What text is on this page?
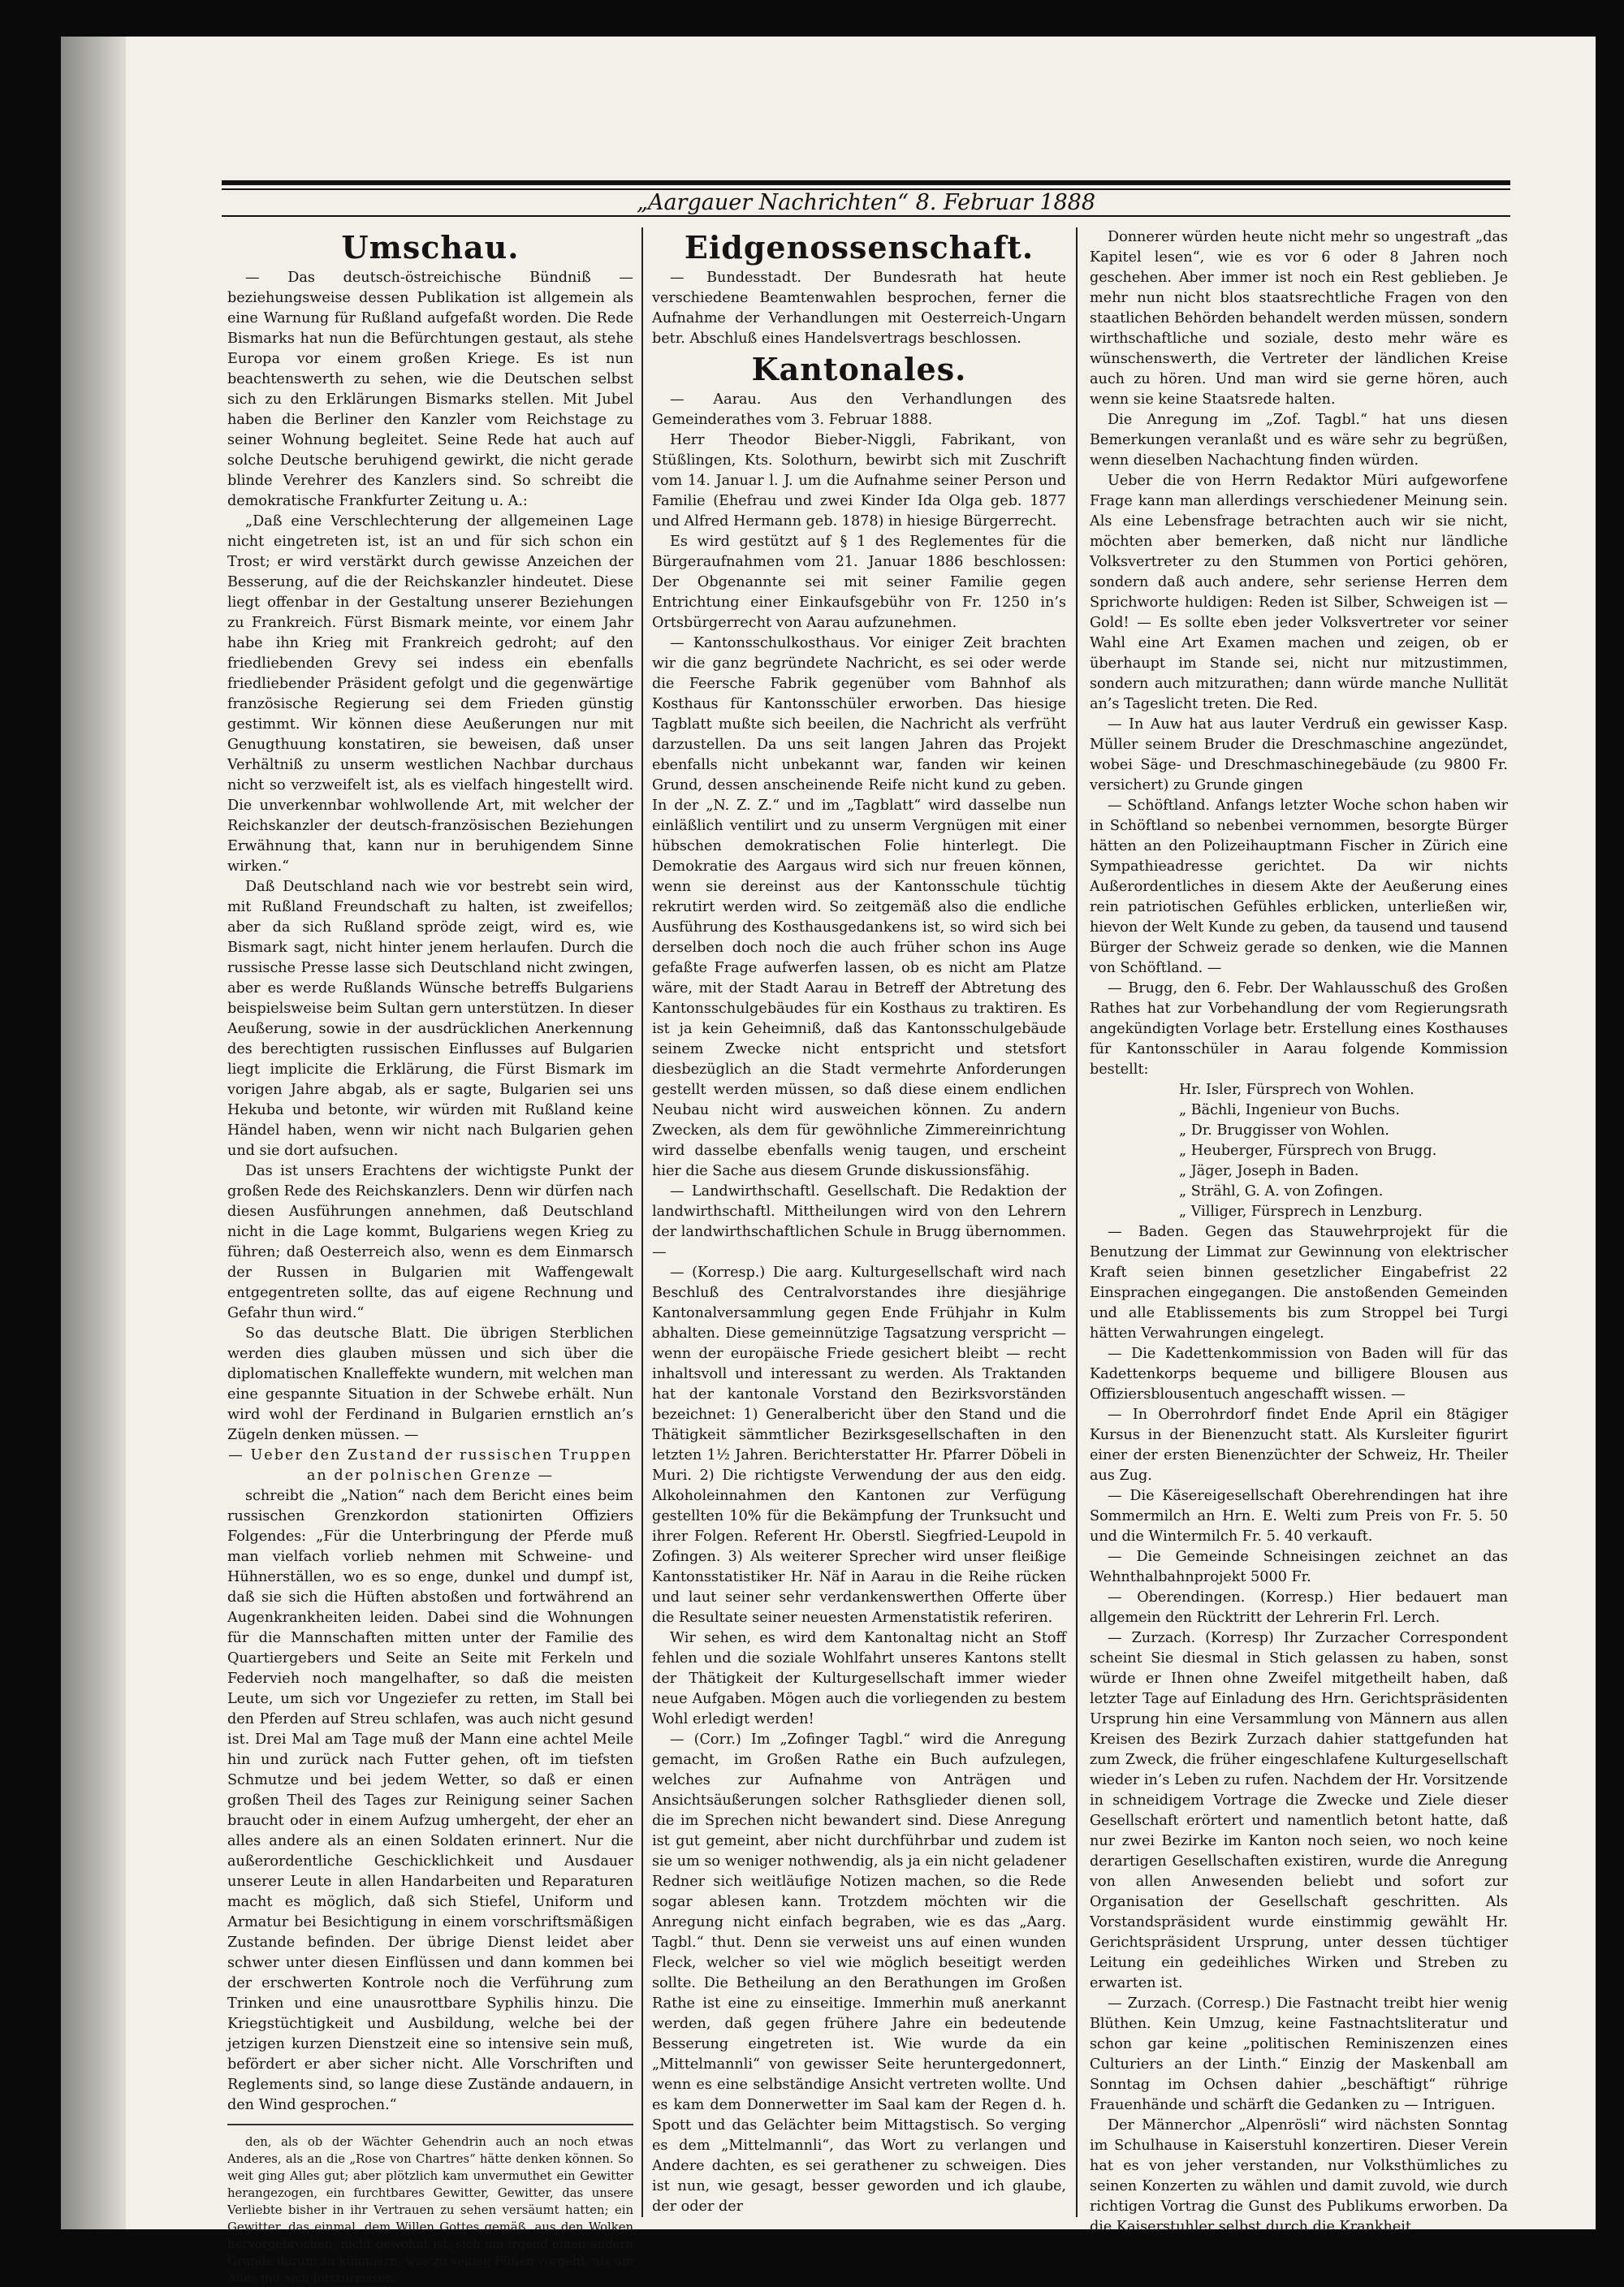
„Aargauer Nachrichten“ 8. Februar 1888

Umschau.

— Das deutsch-östreichische Bündniß — beziehungsweise dessen Publikation ist allgemein als eine Warnung für Rußland aufgefaßt worden. Die Rede Bismarks hat nun die Befürchtungen gestaut, als stehe Europa vor einem großen Kriege. Es ist nun beachtenswerth zu sehen, wie die Deutschen selbst sich zu den Erklärungen Bismarks stellen. Mit Jubel haben die Berliner den Kanzler vom Reichstage zu seiner Wohnung begleitet. Seine Rede hat auch auf solche Deutsche beruhigend gewirkt, die nicht gerade blinde Verehrer des Kanzlers sind. So schreibt die demokratische Frankfurter Zeitung u. A.:

„Daß eine Verschlechterung der allgemeinen Lage nicht eingetreten ist, ist an und für sich schon ein Trost; er wird verstärkt durch gewisse Anzeichen der Besserung, auf die der Reichskanzler hindeutet. Diese liegt offenbar in der Gestaltung unserer Beziehungen zu Frankreich. Fürst Bismark meinte, vor einem Jahr habe ihn Krieg mit Frankreich gedroht; auf den friedliebenden Grevy sei indess ein ebenfalls friedliebender Präsident gefolgt und die gegenwärtige französische Regierung sei dem Frieden günstig gestimmt. Wir können diese Aeußerungen nur mit Genugthuung konstatiren, sie beweisen, daß unser Verhältniß zu unserm westlichen Nachbar durchaus nicht so verzweifelt ist, als es vielfach hingestellt wird. Die unverkennbar wohlwollende Art, mit welcher der Reichskanzler der deutsch-französischen Beziehungen Erwähnung that, kann nur in beruhigendem Sinne wirken.“

Daß Deutschland nach wie vor bestrebt sein wird, mit Rußland Freundschaft zu halten, ist zweifellos; aber da sich Rußland spröde zeigt, wird es, wie Bismark sagt, nicht hinter jenem herlaufen. Durch die russische Presse lasse sich Deutschland nicht zwingen, aber es werde Rußlands Wünsche betreffs Bulgariens beispielsweise beim Sultan gern unterstützen. In dieser Aeußerung, sowie in der ausdrücklichen Anerkennung des berechtigten russischen Einflusses auf Bulgarien liegt implicite die Erklärung, die Fürst Bismark im vorigen Jahre abgab, als er sagte, Bulgarien sei uns Hekuba und betonte, wir würden mit Rußland keine Händel haben, wenn wir nicht nach Bulgarien gehen und sie dort aufsuchen.

Das ist unsers Erachtens der wichtigste Punkt der großen Rede des Reichskanzlers. Denn wir dürfen nach diesen Ausführungen annehmen, daß Deutschland nicht in die Lage kommt, Bulgariens wegen Krieg zu führen; daß Oesterreich also, wenn es dem Einmarsch der Russen in Bulgarien mit Waffengewalt entgegentreten sollte, das auf eigene Rechnung und Gefahr thun wird.“

So das deutsche Blatt. Die übrigen Sterblichen werden dies glauben müssen und sich über die diplomatischen Knalleffekte wundern, mit welchen man eine gespannte Situation in der Schwebe erhält. Nun wird wohl der Ferdinand in Bulgarien ernstlich an’s Zügeln denken müssen. —

— Ueber den Zustand der russischen Truppen an der polnischen Grenze —

schreibt die „Nation“ nach dem Bericht eines beim russischen Grenzkordon stationirten Offiziers Folgendes: „Für die Unterbringung der Pferde muß man vielfach vorlieb nehmen mit Schweine- und Hühnerställen, wo es so enge, dunkel und dumpf ist, daß sie sich die Hüften abstoßen und fortwährend an Augenkrankheiten leiden. Dabei sind die Wohnungen für die Mannschaften mitten unter der Familie des Quartiergebers und Seite an Seite mit Ferkeln und Federvieh noch mangelhafter, so daß die meisten Leute, um sich vor Ungeziefer zu retten, im Stall bei den Pferden auf Streu schlafen, was auch nicht gesund ist. Drei Mal am Tage muß der Mann eine achtel Meile hin und zurück nach Futter gehen, oft im tiefsten Schmutze und bei jedem Wetter, so daß er einen großen Theil des Tages zur Reinigung seiner Sachen braucht oder in einem Aufzug umhergeht, der eher an alles andere als an einen Soldaten erinnert. Nur die außerordentliche Geschicklichkeit und Ausdauer unserer Leute in allen Handarbeiten und Reparaturen macht es möglich, daß sich Stiefel, Uniform und Armatur bei Besichtigung in einem vorschriftsmäßigen Zustande befinden. Der übrige Dienst leidet aber schwer unter diesen Einflüssen und dann kommen bei der erschwerten Kontrole noch die Verführung zum Trinken und eine unausrottbare Syphilis hinzu. Die Kriegstüchtigkeit und Ausbildung, welche bei der jetzigen kurzen Dienstzeit eine so intensive sein muß, befördert er aber sicher nicht. Alle Vorschriften und Reglements sind, so lange diese Zustände andauern, in den Wind gesprochen.“

den, als ob der Wächter Gehendrin auch an noch etwas Anderes, als an die „Rose von Chartres“ hätte denken können. So weit ging Alles gut; aber plötzlich kam unvermuthet ein Gewitter herangezogen, ein furchtbares Gewitter, Gewitter, das unsere Verliebte bisher in ihr Vertrauen zu sehen versäumt hatten; ein Gewitter, das einmal, dem Willen Gottes gemäß, aus den Wolken hervorgebrochen, nicht gewohnt ist, sich um irgend einen andern Grunde darum zu kümmern, was zu seinen Füßen vorgeht, als um Alles mit sich fortzureissen.

Eidgenossenschaft.

— Bundesstadt. Der Bundesrath hat heute verschiedene Beamtenwahlen besprochen, ferner die Aufnahme der Verhandlungen mit Oesterreich-Ungarn betr. Abschluß eines Handelsvertrags beschlossen.

Kantonales.

— Aarau. Aus den Verhandlungen des Gemeinderathes vom 3. Februar 1888.

Herr Theodor Bieber-Niggli, Fabrikant, von Stüßlingen, Kts. Solothurn, bewirbt sich mit Zuschrift vom 14. Januar l. J. um die Aufnahme seiner Person und Familie (Ehefrau und zwei Kinder Ida Olga geb. 1877 und Alfred Hermann geb. 1878) in hiesige Bürgerrecht.

Es wird gestützt auf § 1 des Reglementes für die Bürgeraufnahmen vom 21. Januar 1886 beschlossen: Der Obgenannte sei mit seiner Familie gegen Entrichtung einer Einkaufsgebühr von Fr. 1250 in’s Ortsbürgerrecht von Aarau aufzunehmen.

— Kantonsschulkosthaus. Vor einiger Zeit brachten wir die ganz begründete Nachricht, es sei oder werde die Feersche Fabrik gegenüber vom Bahnhof als Kosthaus für Kantonsschüler erworben. Das hiesige Tagblatt mußte sich beeilen, die Nachricht als verfrüht darzustellen. Da uns seit langen Jahren das Projekt ebenfalls nicht unbekannt war, fanden wir keinen Grund, dessen anscheinende Reife nicht kund zu geben. In der „N. Z. Z.“ und im „Tagblatt“ wird dasselbe nun einläßlich ventilirt und zu unserm Vergnügen mit einer hübschen demokratischen Folie hinterlegt. Die Demokratie des Aargaus wird sich nur freuen können, wenn sie dereinst aus der Kantonsschule tüchtig rekrutirt werden wird. So zeitgemäß also die endliche Ausführung des Kosthausgedankens ist, so wird sich bei derselben doch noch die auch früher schon ins Auge gefaßte Frage aufwerfen lassen, ob es nicht am Platze wäre, mit der Stadt Aarau in Betreff der Abtretung des Kantonsschulgebäudes für ein Kosthaus zu traktiren. Es ist ja kein Geheimniß, daß das Kantonsschulgebäude seinem Zwecke nicht entspricht und stetsfort diesbezüglich an die Stadt vermehrte Anforderungen gestellt werden müssen, so daß diese einem endlichen Neubau nicht wird ausweichen können. Zu andern Zwecken, als dem für gewöhnliche Zimmereinrichtung wird dasselbe ebenfalls wenig taugen, und erscheint hier die Sache aus diesem Grunde diskussionsfähig.

— Landwirthschaftl. Gesellschaft. Die Redaktion der landwirthschaftl. Mittheilungen wird von den Lehrern der landwirthschaftlichen Schule in Brugg übernommen. —

— (Korresp.) Die aarg. Kulturgesellschaft wird nach Beschluß des Centralvorstandes ihre diesjährige Kantonalversammlung gegen Ende Frühjahr in Kulm abhalten. Diese gemeinnützige Tagsatzung verspricht — wenn der europäische Friede gesichert bleibt — recht inhaltsvoll und interessant zu werden. Als Traktanden hat der kantonale Vorstand den Bezirksvorständen bezeichnet: 1) Generalbericht über den Stand und die Thätigkeit sämmtlicher Bezirksgesellschaften in den letzten 1½ Jahren. Berichterstatter Hr. Pfarrer Döbeli in Muri. 2) Die richtigste Verwendung der aus den eidg. Alkoholeinnahmen den Kantonen zur Verfügung gestellten 10% für die Bekämpfung der Trunksucht und ihrer Folgen. Referent Hr. Oberstl. Siegfried-Leupold in Zofingen. 3) Als weiterer Sprecher wird unser fleißige Kantonsstatistiker Hr. Näf in Aarau in die Reihe rücken und laut seiner sehr verdankenswerthen Offerte über die Resultate seiner neuesten Armenstatistik referiren.

Wir sehen, es wird dem Kantonaltag nicht an Stoff fehlen und die soziale Wohlfahrt unseres Kantons stellt der Thätigkeit der Kulturgesellschaft immer wieder neue Aufgaben. Mögen auch die vorliegenden zu bestem Wohl erledigt werden!

— (Corr.) Im „Zofinger Tagbl.“ wird die Anregung gemacht, im Großen Rathe ein Buch aufzulegen, welches zur Aufnahme von Anträgen und Ansichtsäußerungen solcher Rathsglieder dienen soll, die im Sprechen nicht bewandert sind. Diese Anregung ist gut gemeint, aber nicht durchführbar und zudem ist sie um so weniger nothwendig, als ja ein nicht geladener Redner sich weitläufige Notizen machen, so die Rede sogar ablesen kann. Trotzdem möchten wir die Anregung nicht einfach begraben, wie es das „Aarg. Tagbl.“ thut. Denn sie verweist uns auf einen wunden Fleck, welcher so viel wie möglich beseitigt werden sollte. Die Betheilung an den Berathungen im Großen Rathe ist eine zu einseitige. Immerhin muß anerkannt werden, daß gegen frühere Jahre ein bedeutende Besserung eingetreten ist. Wie wurde da ein „Mittelmannli“ von gewisser Seite heruntergedonnert, wenn es eine selbständige Ansicht vertreten wollte. Und es kam dem Donnerwetter im Saal kam der Regen d. h. Spott und das Gelächter beim Mittagstisch. So verging es dem „Mittelmannli“, das Wort zu verlangen und Andere dachten, es sei gerathener zu schweigen. Dies ist nun, wie gesagt, besser geworden und ich glaube, der oder der

Donnerer würden heute nicht mehr so ungestraft „das Kapitel lesen“, wie es vor 6 oder 8 Jahren noch geschehen. Aber immer ist noch ein Rest geblieben. Je mehr nun nicht blos staatsrechtliche Fragen von den staatlichen Behörden behandelt werden müssen, sondern wirthschaftliche und soziale, desto mehr wäre es wünschenswerth, die Vertreter der ländlichen Kreise auch zu hören. Und man wird sie gerne hören, auch wenn sie keine Staatsrede halten.

Die Anregung im „Zof. Tagbl.“ hat uns diesen Bemerkungen veranlaßt und es wäre sehr zu begrüßen, wenn dieselben Nachachtung finden würden.

Ueber die von Herrn Redaktor Müri aufgeworfene Frage kann man allerdings verschiedener Meinung sein. Als eine Lebensfrage betrachten auch wir sie nicht, möchten aber bemerken, daß nicht nur ländliche Volksvertreter zu den Stummen von Portici gehören, sondern daß auch andere, sehr seriense Herren dem Sprichworte huldigen: Reden ist Silber, Schweigen ist — Gold! — Es sollte eben jeder Volksvertreter vor seiner Wahl eine Art Examen machen und zeigen, ob er überhaupt im Stande sei, nicht nur mitzustimmen, sondern auch mitzurathen; dann würde manche Nullität an’s Tageslicht treten. Die Red.

— In Auw hat aus lauter Verdruß ein gewisser Kasp. Müller seinem Bruder die Dreschmaschine angezündet, wobei Säge- und Dreschmaschinegebäude (zu 9800 Fr. versichert) zu Grunde gingen

— Schöftland. Anfangs letzter Woche schon haben wir in Schöftland so nebenbei vernommen, besorgte Bürger hätten an den Polizeihauptmann Fischer in Zürich eine Sympathieadresse gerichtet. Da wir nichts Außerordentliches in diesem Akte der Aeußerung eines rein patriotischen Gefühles erblicken, unterließen wir, hievon der Welt Kunde zu geben, da tausend und tausend Bürger der Schweiz gerade so denken, wie die Mannen von Schöftland. —

— Brugg, den 6. Febr. Der Wahlausschuß des Großen Rathes hat zur Vorbehandlung der vom Regierungsrath angekündigten Vorlage betr. Erstellung eines Kosthauses für Kantonsschüler in Aarau folgende Kommission bestellt:

Hr. Isler, Fürsprech von Wohlen.

„ Bächli, Ingenieur von Buchs.

„ Dr. Bruggisser von Wohlen.

„ Heuberger, Fürsprech von Brugg.

„ Jäger, Joseph in Baden.

„ Strähl, G. A. von Zofingen.

„ Villiger, Fürsprech in Lenzburg.

— Baden. Gegen das Stauwehrprojekt für die Benutzung der Limmat zur Gewinnung von elektrischer Kraft seien binnen gesetzlicher Eingabefrist 22 Einsprachen eingegangen. Die anstoßenden Gemeinden und alle Etablissements bis zum Stroppel bei Turgi hätten Verwahrungen eingelegt.

— Die Kadettenkommission von Baden will für das Kadettenkorps bequeme und billigere Blousen aus Offiziersblousentuch angeschafft wissen. —

— In Oberrohrdorf findet Ende April ein 8tägiger Kursus in der Bienenzucht statt. Als Kursleiter figurirt einer der ersten Bienenzüchter der Schweiz, Hr. Theiler aus Zug.

— Die Käsereigesellschaft Oberehrendingen hat ihre Sommermilch an Hrn. E. Welti zum Preis von Fr. 5. 50 und die Wintermilch Fr. 5. 40 verkauft.

— Die Gemeinde Schneisingen zeichnet an das Wehnthalbahnprojekt 5000 Fr.

— Oberendingen. (Korresp.) Hier bedauert man allgemein den Rücktritt der Lehrerin Frl. Lerch.

— Zurzach. (Korresp) Ihr Zurzacher Correspondent scheint Sie diesmal in Stich gelassen zu haben, sonst würde er Ihnen ohne Zweifel mitgetheilt haben, daß letzter Tage auf Einladung des Hrn. Gerichtspräsidenten Ursprung hin eine Versammlung von Männern aus allen Kreisen des Bezirk Zurzach dahier stattgefunden hat zum Zweck, die früher eingeschlafene Kulturgesellschaft wieder in’s Leben zu rufen. Nachdem der Hr. Vorsitzende in schneidigem Vortrage die Zwecke und Ziele dieser Gesellschaft erörtert und namentlich betont hatte, daß nur zwei Bezirke im Kanton noch seien, wo noch keine derartigen Gesellschaften existiren, wurde die Anregung von allen Anwesenden beliebt und sofort zur Organisation der Gesellschaft geschritten. Als Vorstandspräsident wurde einstimmig gewählt Hr. Gerichtspräsident Ursprung, unter dessen tüchtiger Leitung ein gedeihliches Wirken und Streben zu erwarten ist.

— Zurzach. (Corresp.) Die Fastnacht treibt hier wenig Blüthen. Kein Umzug, keine Fastnachtsliteratur und schon gar keine „politischen Reminiszenzen eines Culturiers an der Linth.“ Einzig der Maskenball am Sonntag im Ochsen dahier „beschäftigt“ rührige Frauenhände und schärft die Gedanken zu — Intriguen.

Der Männerchor „Alpenrösli“ wird nächsten Sonntag im Schulhause in Kaiserstuhl konzertiren. Dieser Verein hat es von jeher verstanden, nur Volksthümliches zu seinen Konzerten zu wählen und damit zuvold, wie durch richtigen Vortrag die Gunst des Publikums erworben. Da die Kaiserstuhler selbst durch die Krankheit
